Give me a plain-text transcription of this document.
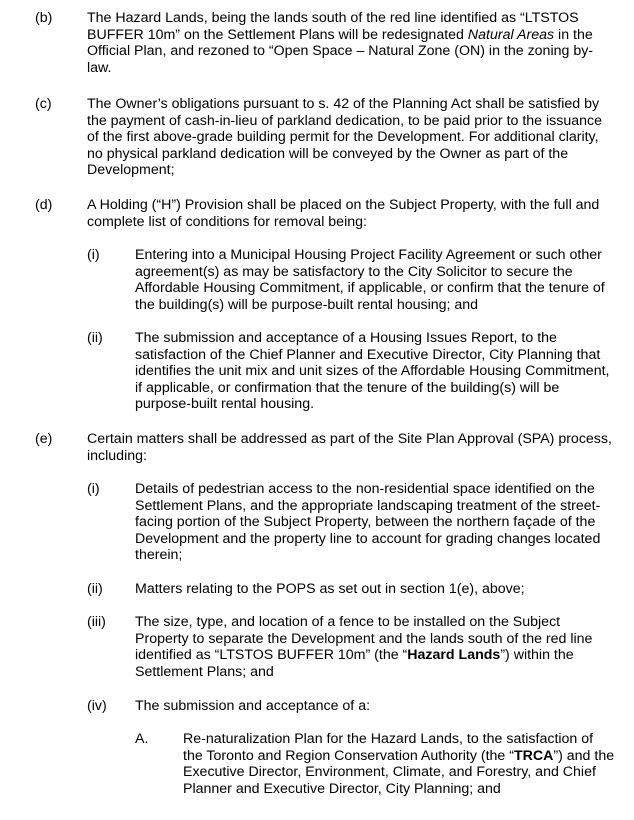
(b) The Hazard Lands, being the lands south of the red line identified as “LTSTOS BUFFER 10m” on the Settlement Plans will be redesignated Natural Areas in the Official Plan, and rezoned to “Open Space – Natural Zone (ON) in the zoning by-law.

(c) The Owner’s obligations pursuant to s. 42 of the Planning Act shall be satisfied by the payment of cash-in-lieu of parkland dedication, to be paid prior to the issuance of the first above-grade building permit for the Development. For additional clarity, no physical parkland dedication will be conveyed by the Owner as part of the Development;

(d) A Holding (“H”) Provision shall be placed on the Subject Property, with the full and complete list of conditions for removal being:

(i) Entering into a Municipal Housing Project Facility Agreement or such other agreement(s) as may be satisfactory to the City Solicitor to secure the Affordable Housing Commitment, if applicable, or confirm that the tenure of the building(s) will be purpose-built rental housing; and

(ii) The submission and acceptance of a Housing Issues Report, to the satisfaction of the Chief Planner and Executive Director, City Planning that identifies the unit mix and unit sizes of the Affordable Housing Commitment, if applicable, or confirmation that the tenure of the building(s) will be purpose-built rental housing.

(e) Certain matters shall be addressed as part of the Site Plan Approval (SPA) process, including:

(i) Details of pedestrian access to the non-residential space identified on the Settlement Plans, and the appropriate landscaping treatment of the street-facing portion of the Subject Property, between the northern façade of the Development and the property line to account for grading changes located therein;

(ii) Matters relating to the POPS as set out in section 1(e), above;

(iii) The size, type, and location of a fence to be installed on the Subject Property to separate the Development and the lands south of the red line identified as “LTSTOS BUFFER 10m” (the “Hazard Lands”) within the Settlement Plans; and

(iv) The submission and acceptance of a:

A. Re-naturalization Plan for the Hazard Lands, to the satisfaction of the Toronto and Region Conservation Authority (the “TRCA”) and the Executive Director, Environment, Climate, and Forestry, and Chief Planner and Executive Director, City Planning; and
